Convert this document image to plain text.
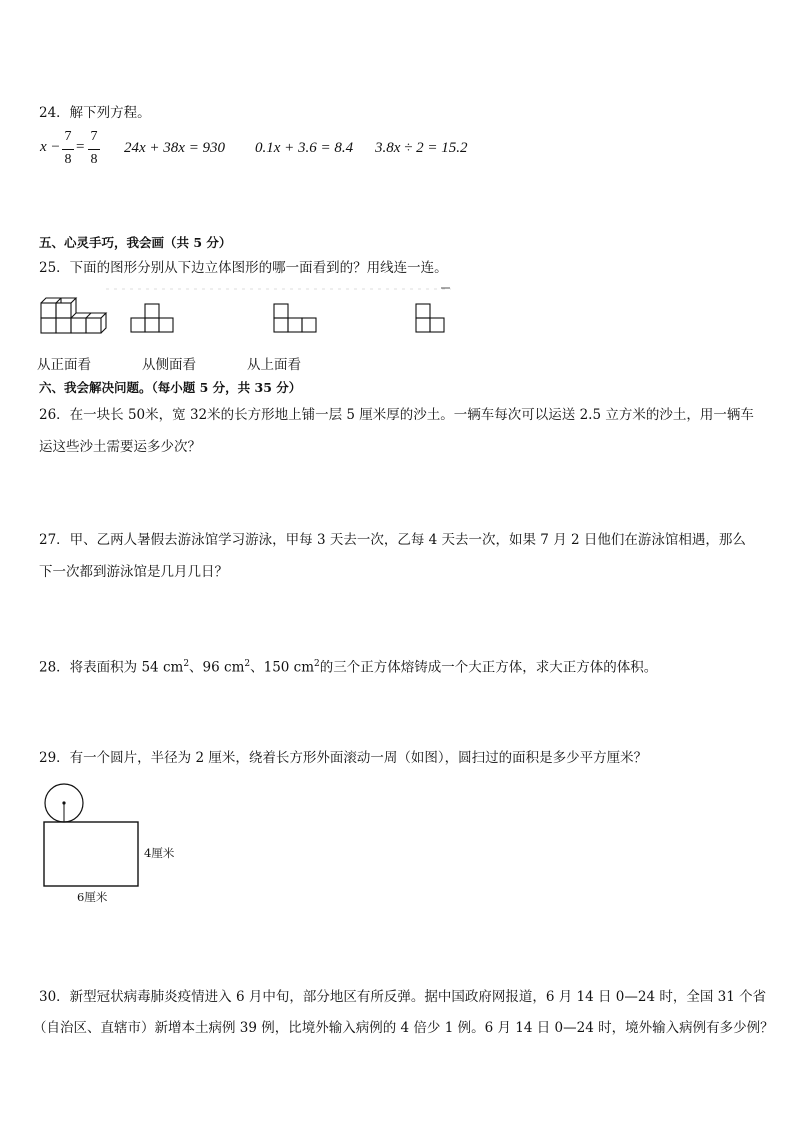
24．解下列方程。
x −
7
8
=
7
8
24x + 38x = 930 0.1x + 3.6 = 8.4 3.8x ÷ 2 = 15.2
五、心灵手巧，我会画（共 5 分）
25．下面的图形分别从下边立体图形的哪一面看到的？用线连一连。
从正面看	从侧面看	从上面看
六、我会解决问题。（每小题 5 分，共 35 分）
26．在一块长 50米，宽 32米的长方形地上铺一层 5 厘米厚的沙土。一辆车每次可以运送 2.5 立方米的沙土，用一辆车
运这些沙土需要运多少次？
27．甲、乙两人暑假去游泳馆学习游泳，甲每 3 天去一次，乙每 4 天去一次，如果 7 月 2 日他们在游泳馆相遇，那么
下一次都到游泳馆是几月几日？
28．将表面积为 54 $cm^2$、96 $cm^2$、150 $cm^2$的三个正方体熔铸成一个大正方体，求大正方体的体积。
29．有一个圆片，半径为 2 厘米，绕着长方形外面滚动一周（如图），圆扫过的面积是多少平方厘米？
4厘米
6厘米
30．新型冠状病毒肺炎疫情进入 6 月中旬，部分地区有所反弹。据中国政府网报道，6 月 14 日 0—24 时，全国 31 个省
（自治区、直辖市）新增本土病例 39 例，比境外输入病例的 4 倍少 1 例。6 月 14 日 0—24 时，境外输入病例有多少例？
